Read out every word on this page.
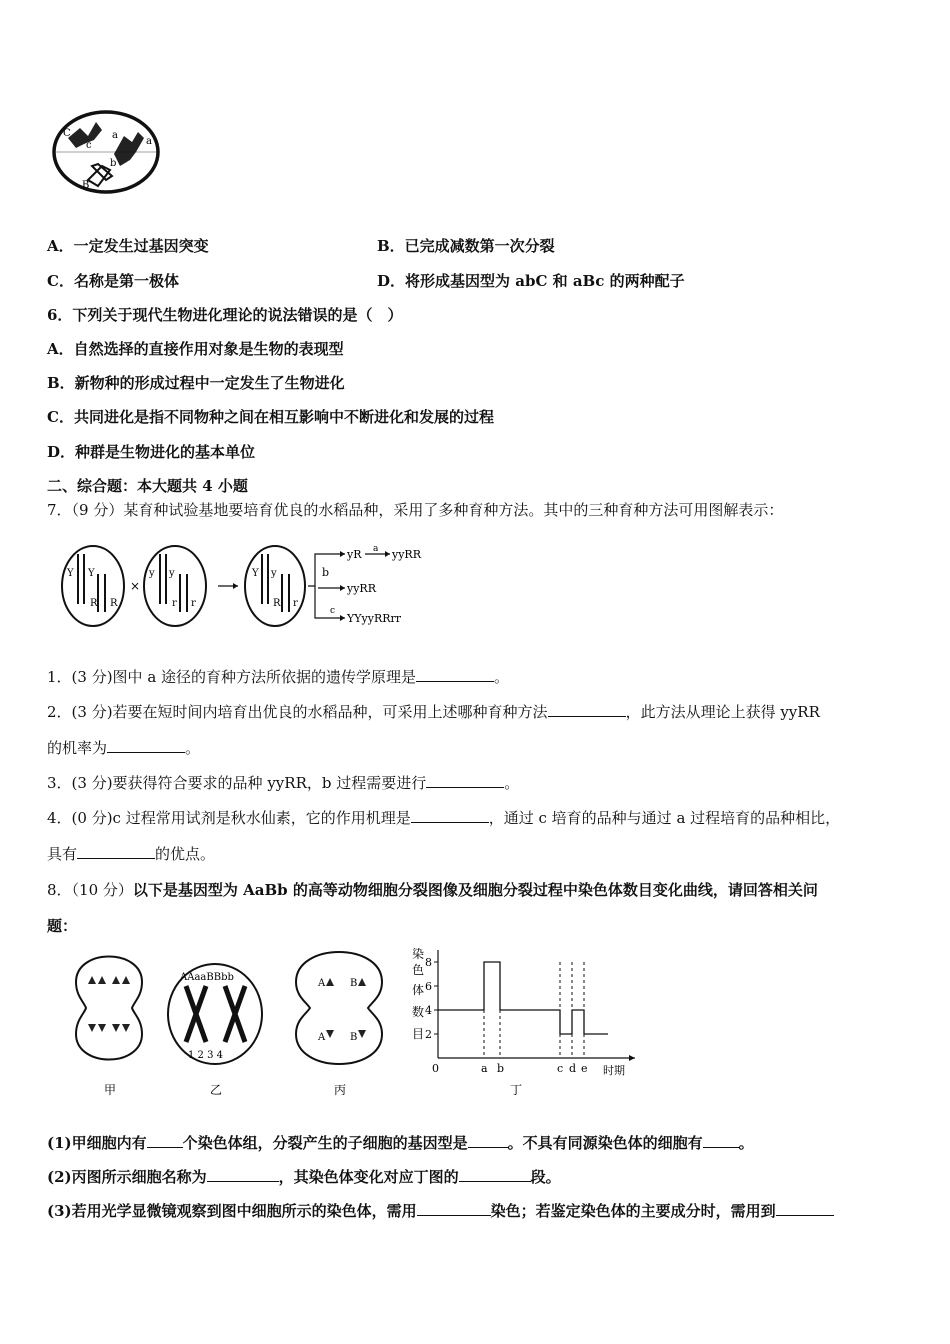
C
c
a
a
b
B
A．一定发生过基因突变	B．已完成减数第一次分裂
C．名称是第一极体	D．将形成基因型为 abC 和 aBc 的两种配子
6．下列关于现代生物进化理论的说法错误的是（　）
A．自然选择的直接作用对象是生物的表现型
B．新物种的形成过程中一定发生了生物进化
C．共同进化是指不同物种之间在相互影响中不断进化和发展的过程
D．种群是生物进化的基本单位
二、综合题：本大题共 4 小题
7．（9 分）某育种试验基地要培育优良的水稻品种，采用了多种育种方法。其中的三种育种方法可用图解表示：
Y Y
R R
×
y y
r r
Y y
R r
yR a yyRR
b
yyRR
c
YYyyRRrr
1．(3 分)图中 a 途径的育种方法所依据的遗传学原理是	。
2．(3 分)若要在短时间内培育出优良的水稻品种，可采用上述哪种育种方法	，此方法从理论上获得 yyRR
的机率为	。
3．(3 分)要获得符合要求的品种 yyRR，b 过程需要进行	。
4．(0 分)c 过程常用试剂是秋水仙素，它的作用机理是	，通过 c 培育的品种与通过 a 过程培育的品种相比，
具有	的优点。
8．（10 分）以下是基因型为 AaBb 的高等动物细胞分裂图像及细胞分裂过程中染色体数目变化曲线，请回答相关问
题：
甲
AAaaBBbb
1 2 3 4
乙
A B
A B
丙
染
色
体
数
目 2
4
6
8
0	a b	c d e 时期
丁
(1)甲细胞内有 个染色体组，分裂产生的子细胞的基因型是	。不具有同源染色体的细胞有 。
(2)丙图所示细胞名称为	，其染色体变化对应丁图的	段。
(3)若用光学显微镜观察到图中细胞所示的染色体，需用	染色；若鉴定染色体的主要成分时，需用到
